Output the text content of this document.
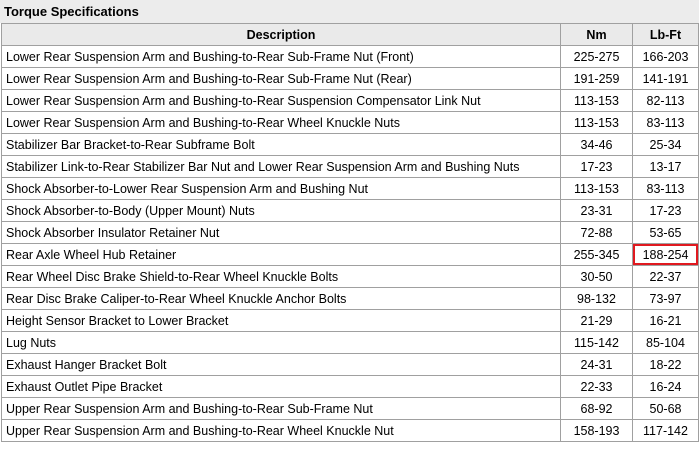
Torque Specifications
Description	Nm	Lb-Ft
Lower Rear Suspension Arm and Bushing-to-Rear Sub-Frame Nut (Front)	225-275	166-203
Lower Rear Suspension Arm and Bushing-to-Rear Sub-Frame Nut (Rear)	191-259	141-191
Lower Rear Suspension Arm and Bushing-to-Rear Suspension Compensator Link Nut	113-153	82-113
Lower Rear Suspension Arm and Bushing-to-Rear Wheel Knuckle Nuts	113-153	83-113
Stabilizer Bar Bracket-to-Rear Subframe Bolt	34-46	25-34
Stabilizer Link-to-Rear Stabilizer Bar Nut and Lower Rear Suspension Arm and Bushing Nuts	17-23	13-17
Shock Absorber-to-Lower Rear Suspension Arm and Bushing Nut	113-153	83-113
Shock Absorber-to-Body (Upper Mount) Nuts	23-31	17-23
Shock Absorber Insulator Retainer Nut	72-88	53-65
Rear Axle Wheel Hub Retainer	255-345	188-254
Rear Wheel Disc Brake Shield-to-Rear Wheel Knuckle Bolts	30-50	22-37
Rear Disc Brake Caliper-to-Rear Wheel Knuckle Anchor Bolts	98-132	73-97
Height Sensor Bracket to Lower Bracket	21-29	16-21
Lug Nuts	115-142	85-104
Exhaust Hanger Bracket Bolt	24-31	18-22
Exhaust Outlet Pipe Bracket	22-33	16-24
Upper Rear Suspension Arm and Bushing-to-Rear Sub-Frame Nut	68-92	50-68
Upper Rear Suspension Arm and Bushing-to-Rear Wheel Knuckle Nut	158-193	117-142
